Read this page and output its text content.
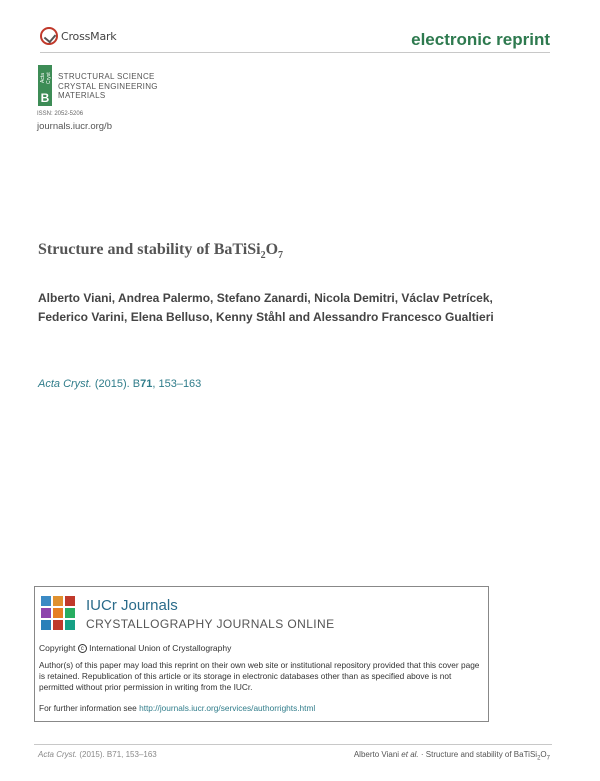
CrossMark	electronic reprint
Acta Cryst
B
STRUCTURAL SCIENCE
CRYSTAL ENGINEERING
MATERIALS
ISSN: 2052-5206
journals.iucr.org/b
Structure and stability of $BaTiSi_2O_7$
Alberto Viani, Andrea Palermo, Stefano Zanardi, Nicola Demitri, Václav Petrícek, Federico Varini, Elena Belluso, Kenny Ståhl and Alessandro Francesco Gualtieri
Acta Cryst. (2015). B71, 153–163
IUCr Journals
CRYSTALLOGRAPHY JOURNALS ONLINE
Copyright c International Union of Crystallography
Author(s) of this paper may load this reprint on their own web site or institutional repository provided that this cover page is retained. Republication of this article or its storage in electronic databases other than as specified above is not permitted without prior permission in writing from the IUCr.
For further information see http://journals.iucr.org/services/authorrights.html
Acta Cryst. (2015). B71, 153–163	Alberto Viani et al. · Structure and stability of $BaTiSi_2O_7$
